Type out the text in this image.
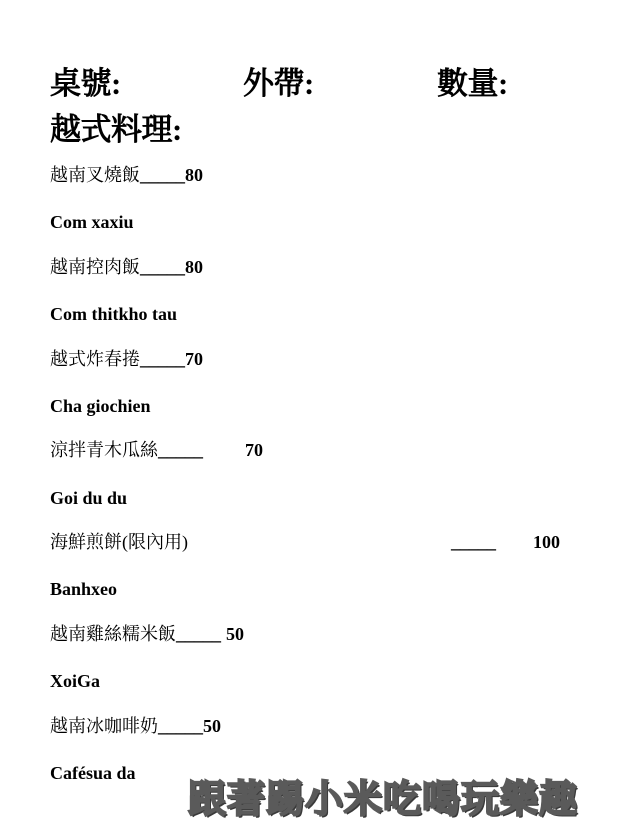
桌號:	外帶:	數量:
越式料理:
越南叉燒飯_____80
Com xaxiu
越南控肉飯_____80
Com thitkho tau
越式炸春捲_____70
Cha giochien
涼拌青木瓜絲_____ 70
Goi du du
海鮮煎餅(限內用)	_____ 100
Banhxeo
越南雞絲糯米飯_____ 50
XoiGa
越南冰咖啡奶_____50
Cafésua da
跟著踢小米吃喝玩樂趣
